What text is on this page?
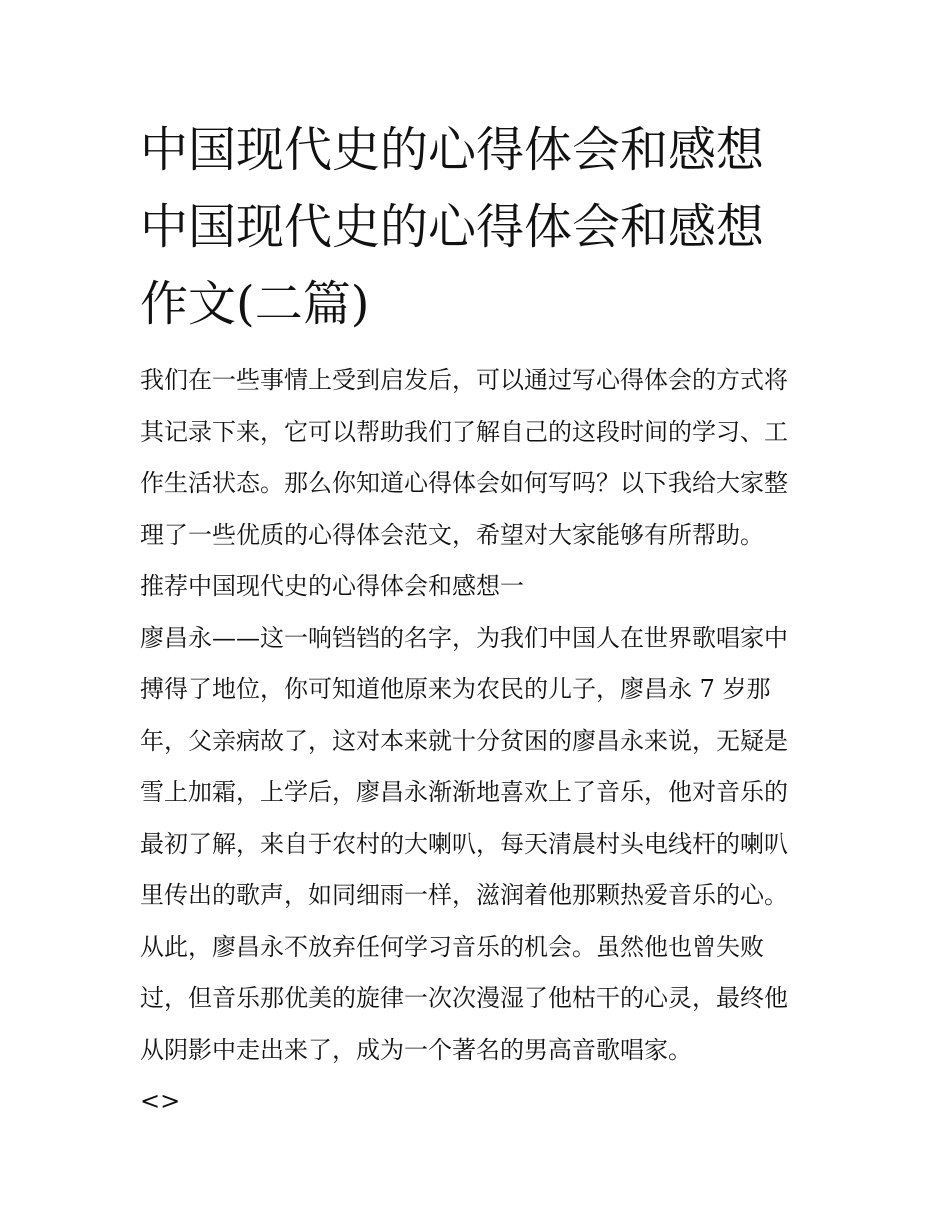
中国现代史的心得体会和感想
中国现代史的心得体会和感想
作文(二篇)
我们在一些事情上受到启发后，可以通过写心得体会的方式将
其记录下来，它可以帮助我们了解自己的这段时间的学习、工
作生活状态。那么你知道心得体会如何写吗？以下我给大家整
理了一些优质的心得体会范文，希望对大家能够有所帮助。
推荐中国现代史的心得体会和感想一
廖昌永——这一响铛铛的名字，为我们中国人在世界歌唱家中
搏得了地位，你可知道他原来为农民的儿子，廖昌永 7 岁那
年，父亲病故了，这对本来就十分贫困的廖昌永来说，无疑是
雪上加霜，上学后，廖昌永渐渐地喜欢上了音乐，他对音乐的
最初了解，来自于农村的大喇叭，每天清晨村头电线杆的喇叭
里传出的歌声，如同细雨一样，滋润着他那颗热爱音乐的心。
从此，廖昌永不放弃任何学习音乐的机会。虽然他也曾失败
过，但音乐那优美的旋律一次次漫湿了他枯干的心灵，最终他
从阴影中走出来了，成为一个著名的男高音歌唱家。
<>
